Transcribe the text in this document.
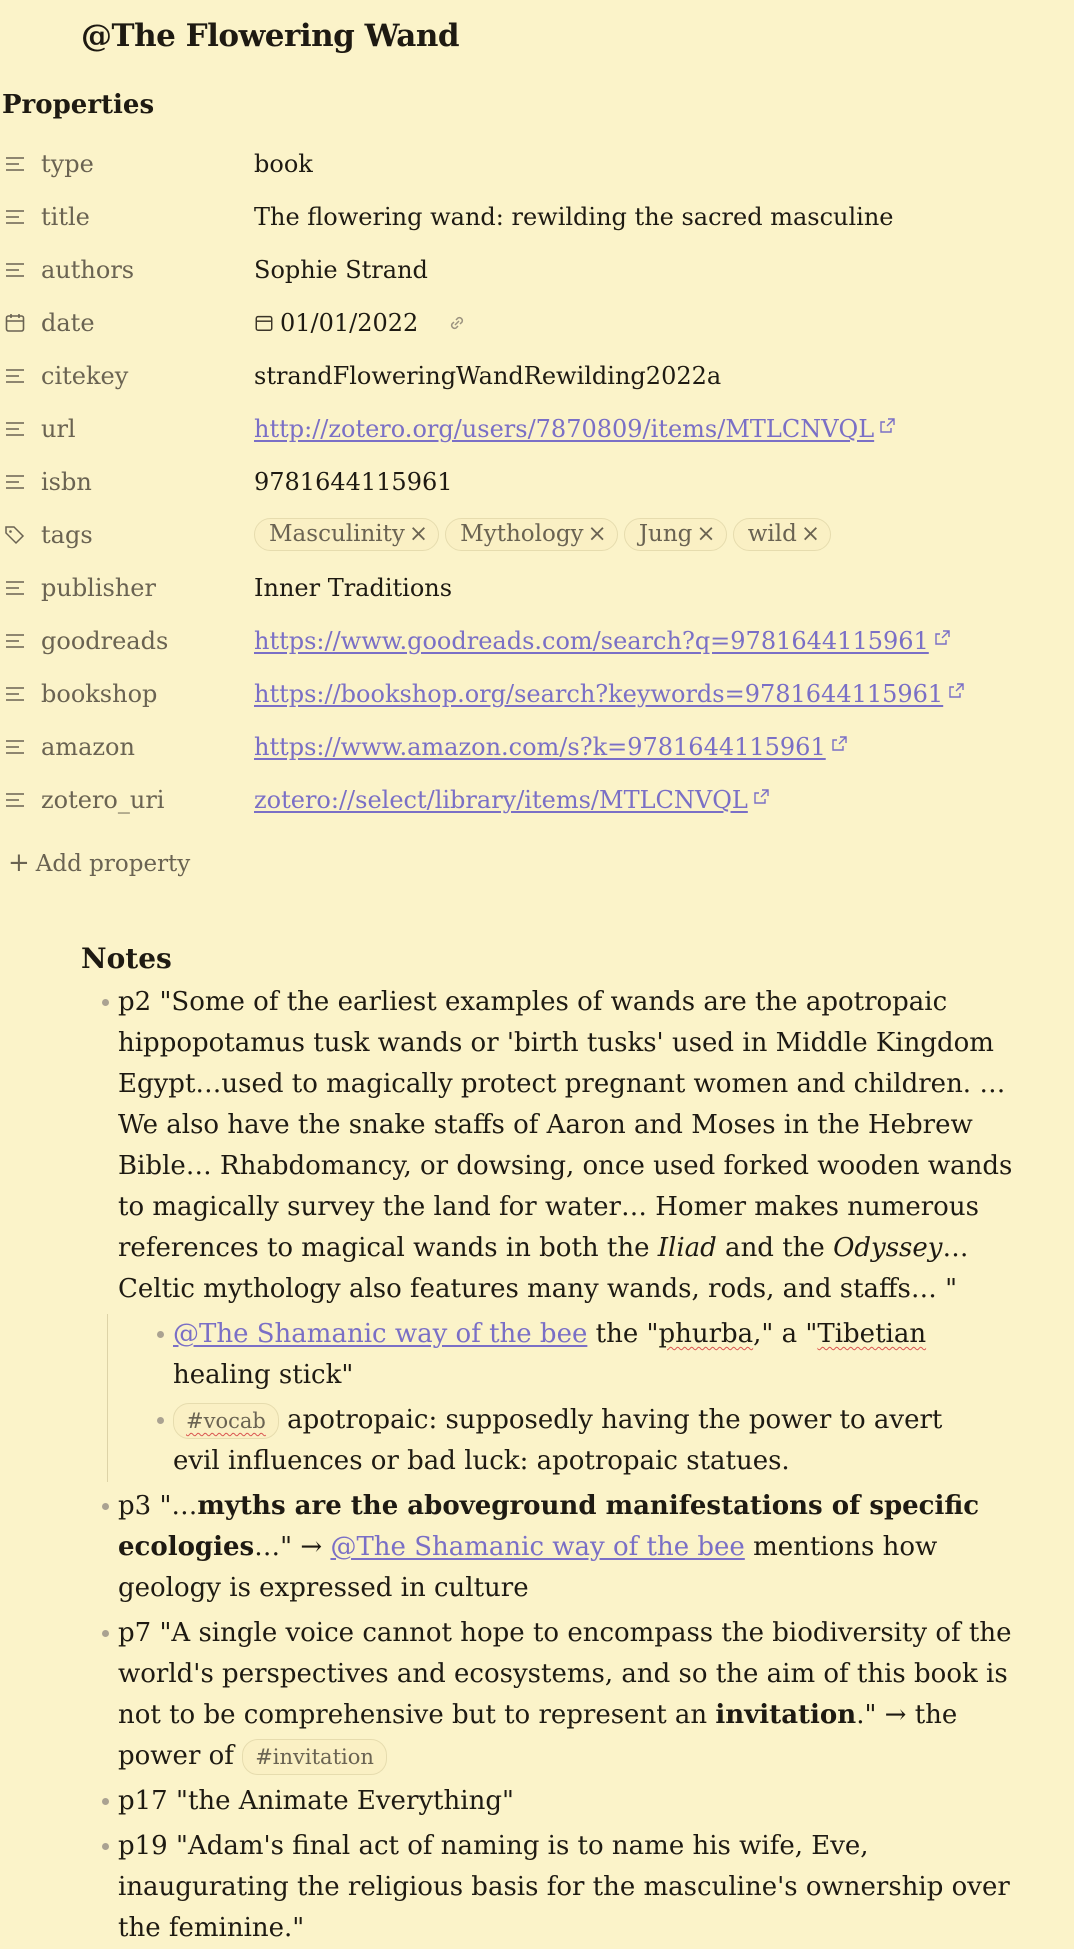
@The Flowering Wand
Properties
type	book
title	The flowering wand: rewilding the sacred masculine
authors	Sophie Strand
date	01/01/2022
citekey	strandFloweringWandRewilding2022a
url	http://zotero.org/users/7870809/items/MTLCNVQL
isbn	9781644115961
tags	Masculinity × Mythology × Jung × wild ×
publisher	Inner Traditions
goodreads	https://www.goodreads.com/search?q=9781644115961
bookshop	https://bookshop.org/search?keywords=9781644115961
amazon	https://www.amazon.com/s?k=9781644115961
zotero_uri	zotero://select/library/items/MTLCNVQL
+ Add property
Notes
p2 "Some of the earliest examples of wands are the apotropaic hippopotamus tusk wands or 'birth tusks' used in Middle Kingdom Egypt…used to magically protect pregnant women and children. …We also have the snake staffs of Aaron and Moses in the Hebrew Bible… Rhabdomancy, or dowsing, once used forked wooden wands to magically survey the land for water… Homer makes numerous references to magical wands in both the Iliad and the Odyssey… Celtic mythology also features many wands, rods, and staffs… "
@The Shamanic way of the bee the "phurba," a "Tibetian healing stick"
#vocab apotropaic: supposedly having the power to avert evil influences or bad luck: apotropaic statues.
p3 "…myths are the aboveground manifestations of specific ecologies…" → @The Shamanic way of the bee mentions how geology is expressed in culture
p7 "A single voice cannot hope to encompass the biodiversity of the world's perspectives and ecosystems, and so the aim of this book is not to be comprehensive but to represent an invitation." → the power of #invitation
p17 "the Animate Everything"
p19 "Adam's final act of naming is to name his wife, Eve, inaugurating the religious basis for the masculine's ownership over the feminine."
